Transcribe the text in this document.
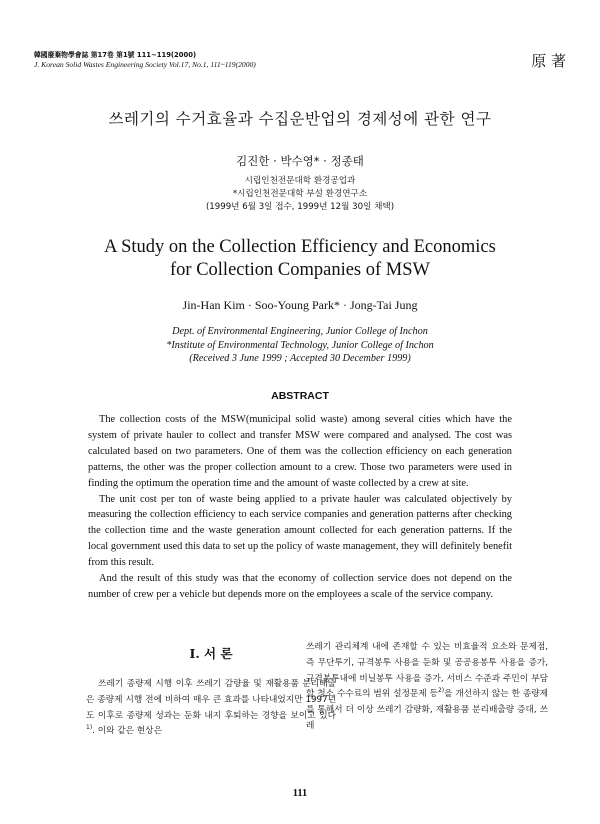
韓國廢棄物學會誌 第17卷 第1號 111~119(2000)
J. Korean Solid Wastes Engineering Society Vol.17, No.1, 111~119(2000)	原 著
쓰레기의 수거효율과 수집운반업의 경제성에 관한 연구
김진한 · 박수영* · 정종태
시립인천전문대학 환경공업과
*시립인천전문대학 부설 환경연구소
(1999년 6월 3일 접수, 1999년 12월 30일 채택)
A Study on the Collection Efficiency and Economics
for Collection Companies of MSW
Jin-Han Kim · Soo-Young Park* · Jong-Tai Jung
Dept. of Environmental Engineering, Junior College of Inchon
*Institute of Environmental Technology, Junior College of Inchon
(Received 3 June 1999 ; Accepted 30 December 1999)
ABSTRACT

The collection costs of the MSW(municipal solid waste) among several cities which have the system of private hauler to collect and transfer MSW were compared and analysed. The cost was calculated based on two parameters. One of them was the collection efficiency on each generation patterns, the other was the proper collection amount to a crew. Those two parameters were used in finding the optimum the operation time and the amount of waste collected by a crew at site.

The unit cost per ton of waste being applied to a private hauler was calculated objectively by measuring the collection efficiency to each service companies and generation patterns after checking the collection time and the waste generation amount collected for each generation patterns. If the local government used this data to set up the policy of waste management, they will definitely benefit from this result.

And the result of this study was that the economy of collection service does not depend on the number of crew per a vehicle but depends more on the employees a scale of the service company.

Ⅰ. 서 론

쓰레기 종량제 시행 이후 쓰레기 감량율 및 재활용품 분리배출은 종량제 시행 전에 비하여 매우 큰 효과를 나타내었지만 1997년도 이후로 종량제 성과는 둔화 내지 후퇴하는 경향을 보이고 있다$^{1)}$. 이와 같은 현상은

쓰레기 관리체계 내에 존재할 수 있는 비효율적 요소와 문제점, 즉 무단투기, 규격봉투 사용을 둔화 및 공공용봉투 사용을 증가, 규격봉투내에 비닐봉투 사용을 증가, 서비스 수준과 주민이 부담할 청소 수수료의 범위 설정문제 등$^{2)}$을 개선하지 않는 한 종량제를 통해서 더 이상 쓰레기 감량화, 재활용품 분리배출량 증대, 쓰레

111
